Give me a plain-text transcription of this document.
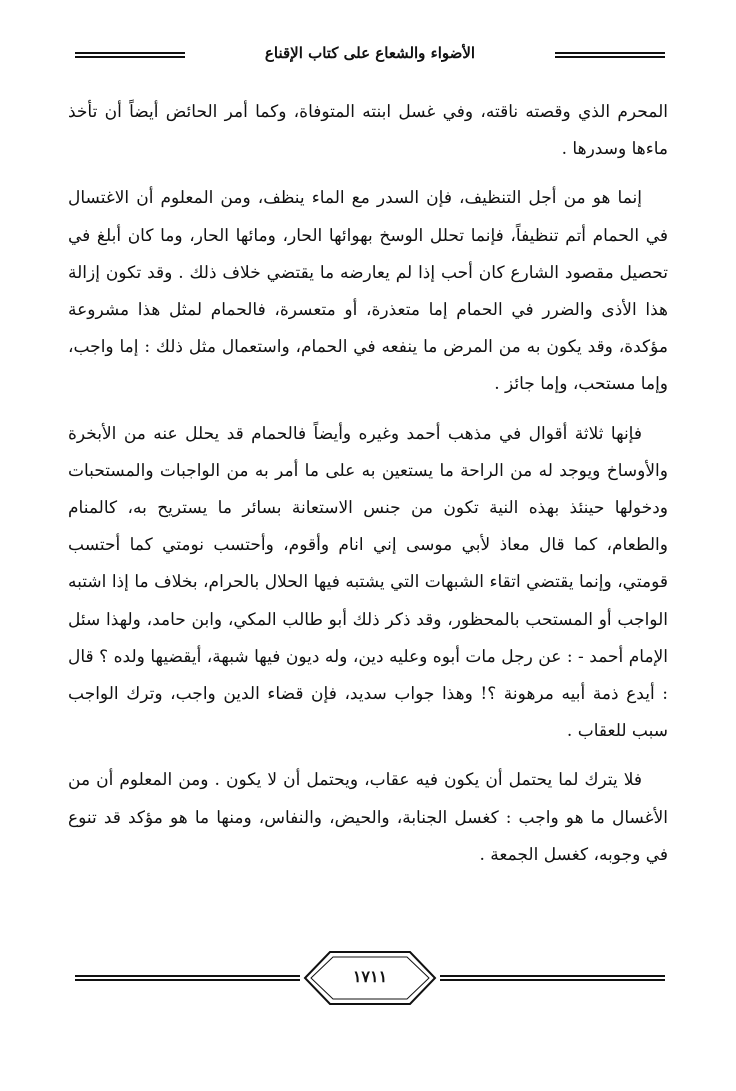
الأضواء والشعاع على كتاب الإقناع

المحرم الذي وقصته ناقته، وفي غسل ابنته المتوفاة، وكما أمر الحائض أيضاً أن تأخذ ماءها وسدرها .

إنما هو من أجل التنظيف، فإن السدر مع الماء ينظف، ومن المعلوم أن الاغتسال في الحمام أتم تنظيفاً، فإنما تحلل الوسخ بهوائها الحار، ومائها الحار، وما كان أبلغ في تحصيل مقصود الشارع كان أحب إذا لم يعارضه ما يقتضي خلاف ذلك . وقد تكون إزالة هذا الأذى والضرر في الحمام إما متعذرة، أو متعسرة، فالحمام لمثل هذا مشروعة مؤكدة، وقد يكون به من المرض ما ينفعه في الحمام، واستعمال مثل ذلك : إما واجب، وإما مستحب، وإما جائز .

فإنها ثلاثة أقوال في مذهب أحمد وغيره وأيضاً فالحمام قد يحلل عنه من الأبخرة والأوساخ ويوجد له من الراحة ما يستعين به على ما أمر به من الواجبات والمستحبات ودخولها حينئذ بهذه النية تكون من جنس الاستعانة بسائر ما يستريح به، كالمنام والطعام، كما قال معاذ لأبي موسى إني انام وأقوم، وأحتسب نومتي كما أحتسب قومتي، وإنما يقتضي اتقاء الشبهات التي يشتبه فيها الحلال بالحرام، بخلاف ما إذا اشتبه الواجب أو المستحب بالمحظور، وقد ذكر ذلك أبو طالب المكي، وابن حامد، ولهذا سئل الإمام أحمد - : عن رجل مات أبوه وعليه دين، وله ديون فيها شبهة، أيقضيها ولده ؟ قال : أيدع ذمة أبيه مرهونة ؟! وهذا جواب سديد، فإن قضاء الدين واجب، وترك الواجب سبب للعقاب .

فلا يترك لما يحتمل أن يكون فيه عقاب، ويحتمل أن لا يكون . ومن المعلوم أن من الأغسال ما هو واجب : كغسل الجنابة، والحيض، والنفاس، ومنها ما هو مؤكد قد تنوع في وجوبه، كغسل الجمعة .

١٧١١
